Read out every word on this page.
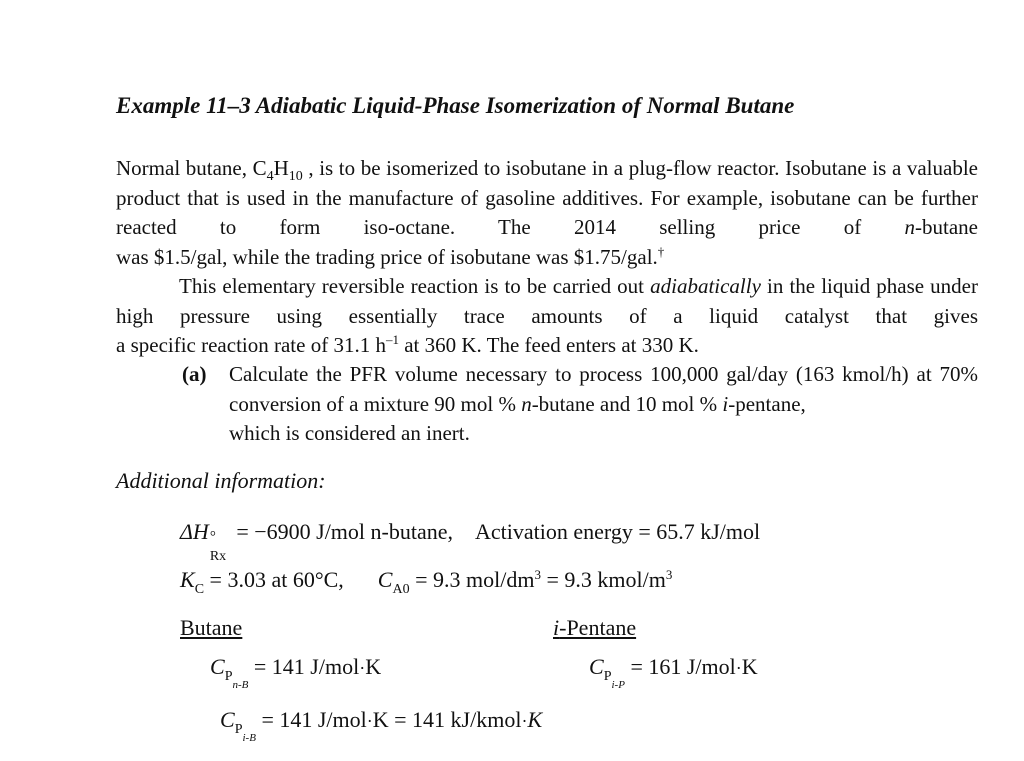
Example 11–3 Adiabatic Liquid-Phase Isomerization of Normal Butane
Normal butane, $C_4H_{10}$ , is to be isomerized to isobutane in a plug-flow reactor. Isobutane is a valuable product that is used in the manufacture of gasoline additives. For example, isobutane can be further reacted to form iso-octane. The 2014 selling price of n-butane
was $1.5/gal, while the trading price of isobutane was $1.75/gal.†
This elementary reversible reaction is to be carried out adiabatically in the liquid phase under high pressure using essentially trace amounts of a liquid catalyst that gives
a specific reaction rate of 31.1 $h^{-1}$ at 360 K. The feed enters at 330 K.
(a) Calculate the PFR volume necessary to process 100,000 gal/day (163 kmol/h) at 70% conversion of a mixture 90 mol % n-butane and 10 mol % i-pentane,
which is considered an inert.
Additional information:
ΔH °
Rx
= −6900 J/mol n-butane, Activation energy = 65.7 kJ/mol
$K_C = 3.03$ at 60°C, $C_{A0} = 9.3$ mol/$dm^3 = 9.3$ kmol/$m^3$
Butane	i-Pentane
$C_{Pn-B} = 141$ J/mol·K	$C_{Pi-P} = 161$ J/mol·K
$C_{Pi-B} = 141$ J/mol·K = 141 kJ/kmol·K
